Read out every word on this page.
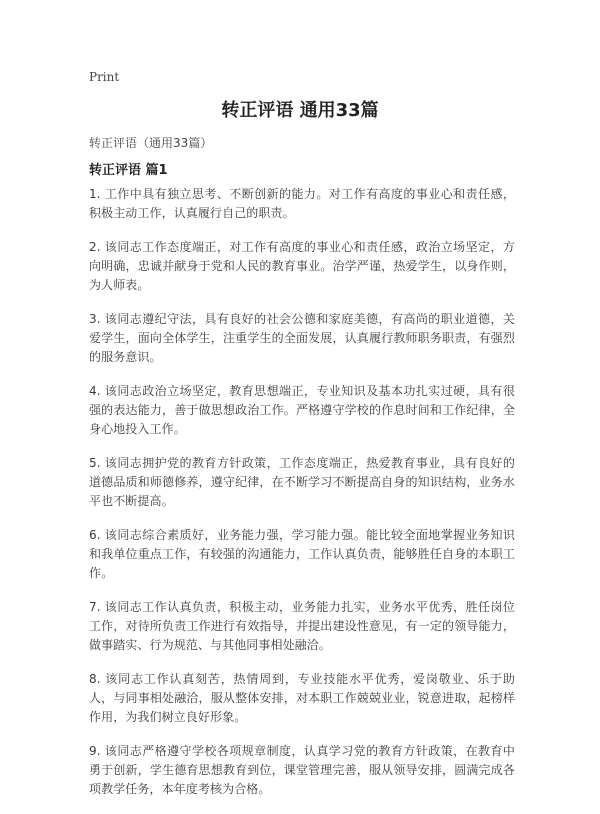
Print
转正评语 通用33篇
转正评语（通用33篇）
转正评语 篇1

1. 工作中具有独立思考、不断创新的能力。对工作有高度的事业心和责任感，积极主动工作，认真履行自己的职责。

2. 该同志工作态度端正，对工作有高度的事业心和责任感，政治立场坚定，方向明确，忠诚并献身于党和人民的教育事业。治学严谨，热爱学生，以身作则，为人师表。

3. 该同志遵纪守法，具有良好的社会公德和家庭美德，有高尚的职业道德，关爱学生，面向全体学生，注重学生的全面发展，认真履行教师职务职责，有强烈的服务意识。

4. 该同志政治立场坚定，教育思想端正，专业知识及基本功扎实过硬，具有很强的表达能力，善于做思想政治工作。严格遵守学校的作息时间和工作纪律，全身心地投入工作。

5. 该同志拥护党的教育方针政策，工作态度端正，热爱教育事业，具有良好的道德品质和师德修养，遵守纪律，在不断学习不断提高自身的知识结构，业务水平也不断提高。

6. 该同志综合素质好，业务能力强，学习能力强。能比较全面地掌握业务知识和我单位重点工作，有较强的沟通能力，工作认真负责，能够胜任自身的本职工作。

7. 该同志工作认真负责，积极主动，业务能力扎实，业务水平优秀，胜任岗位工作，对待所负责工作进行有效指导，并提出建设性意见，有一定的领导能力，做事踏实、行为规范、与其他同事相处融洽。

8. 该同志工作认真刻苦，热情周到，专业技能水平优秀，爱岗敬业、乐于助人，与同事相处融洽，服从整体安排，对本职工作兢兢业业，锐意进取，起榜样作用，为我们树立良好形象。

9. 该同志严格遵守学校各项规章制度，认真学习党的教育方针政策，在教育中勇于创新，学生德育思想教育到位，课堂管理完善，服从领导安排，圆满完成各项教学任务，本年度考核为合格。
